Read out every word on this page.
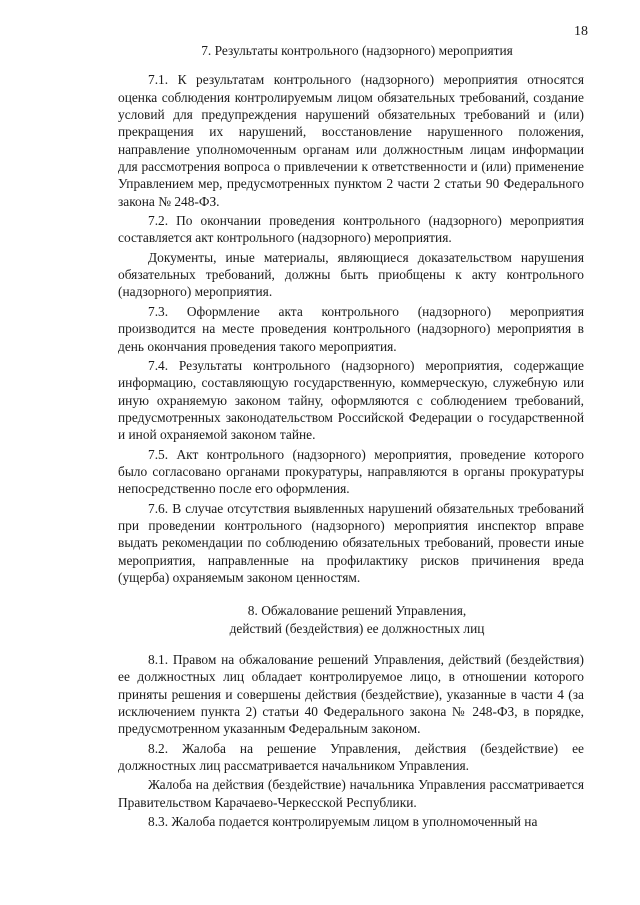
18
7. Результаты контрольного (надзорного) мероприятия

7.1. К результатам контрольного (надзорного) мероприятия относятся оценка соблюдения контролируемым лицом обязательных требований, создание условий для предупреждения нарушений обязательных требований и (или) прекращения их нарушений, восстановление нарушенного положения, направление уполномоченным органам или должностным лицам информации для рассмотрения вопроса о привлечении к ответственности и (или) применение Управлением мер, предусмотренных пунктом 2 части 2 статьи 90 Федерального закона № 248-ФЗ.

7.2. По окончании проведения контрольного (надзорного) мероприятия составляется акт контрольного (надзорного) мероприятия.

Документы, иные материалы, являющиеся доказательством нарушения обязательных требований, должны быть приобщены к акту контрольного (надзорного) мероприятия.

7.3. Оформление акта контрольного (надзорного) мероприятия производится на месте проведения контрольного (надзорного) мероприятия в день окончания проведения такого мероприятия.

7.4. Результаты контрольного (надзорного) мероприятия, содержащие информацию, составляющую государственную, коммерческую, служебную или иную охраняемую законом тайну, оформляются с соблюдением требований, предусмотренных законодательством Российской Федерации о государственной и иной охраняемой законом тайне.

7.5. Акт контрольного (надзорного) мероприятия, проведение которого было согласовано органами прокуратуры, направляются в органы прокуратуры непосредственно после его оформления.

7.6. В случае отсутствия выявленных нарушений обязательных требований при проведении контрольного (надзорного) мероприятия инспектор вправе выдать рекомендации по соблюдению обязательных требований, провести иные мероприятия, направленные на профилактику рисков причинения вреда (ущерба) охраняемым законом ценностям.

8. Обжалование решений Управления,
действий (бездействия) ее должностных лиц

8.1. Правом на обжалование решений Управления, действий (бездействия) ее должностных лиц обладает контролируемое лицо, в отношении которого приняты решения и совершены действия (бездействие), указанные в части 4 (за исключением пункта 2) статьи 40 Федерального закона № 248-ФЗ, в порядке, предусмотренном указанным Федеральным законом.

8.2. Жалоба на решение Управления, действия (бездействие) ее должностных лиц рассматривается начальником Управления.

Жалоба на действия (бездействие) начальника Управления рассматривается Правительством Карачаево-Черкесской Республики.

8.3. Жалоба подается контролируемым лицом в уполномоченный на
